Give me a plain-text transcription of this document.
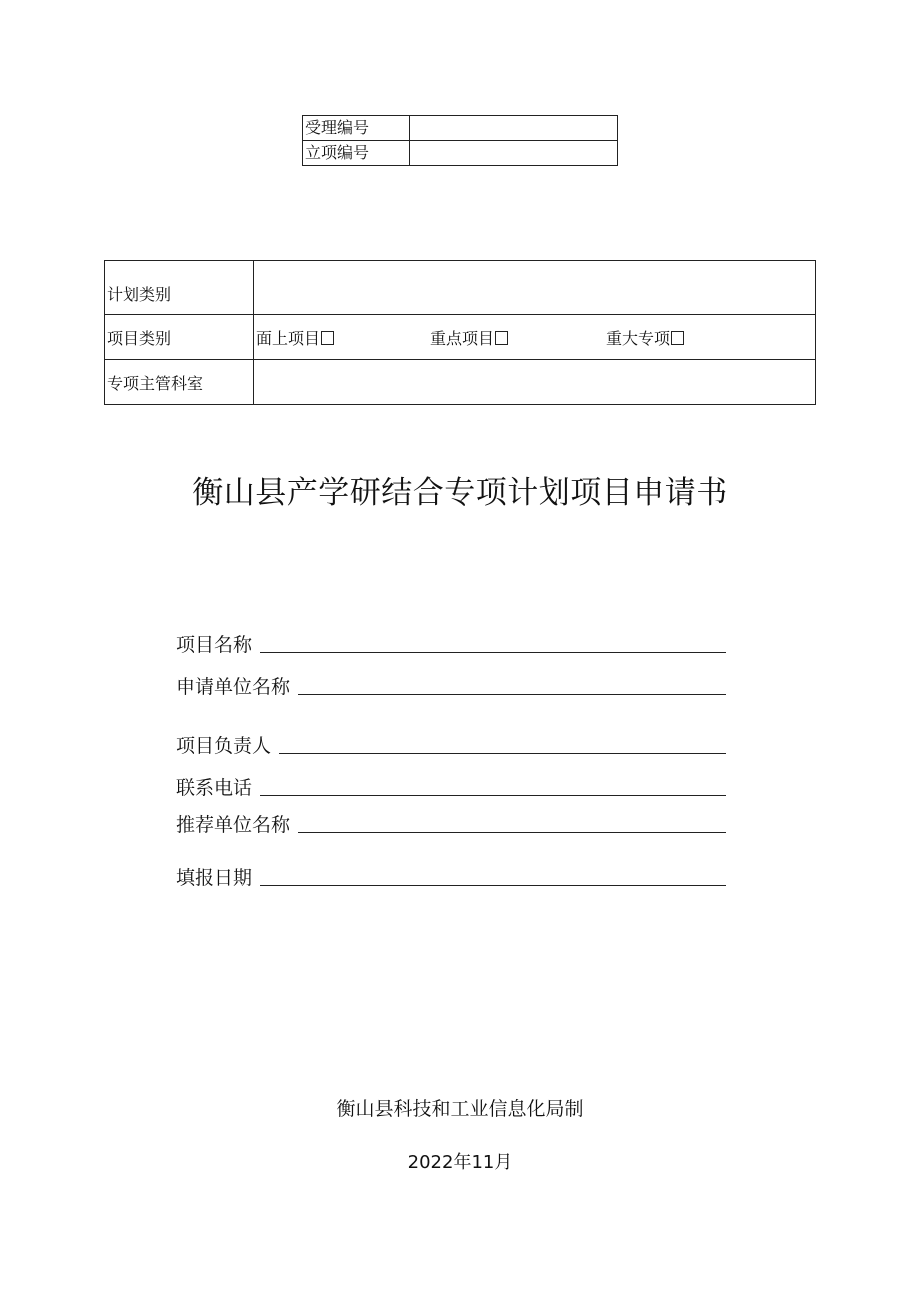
受理编号	
立项编号	
计划类别	
项目类别	面上项目 重点项目 重大专项
专项主管科室	
衡山县产学研结合专项计划项目申请书
项目名称
申请单位名称
项目负责人
联系电话
推荐单位名称
填报日期
衡山县科技和工业信息化局制
2022年11月
